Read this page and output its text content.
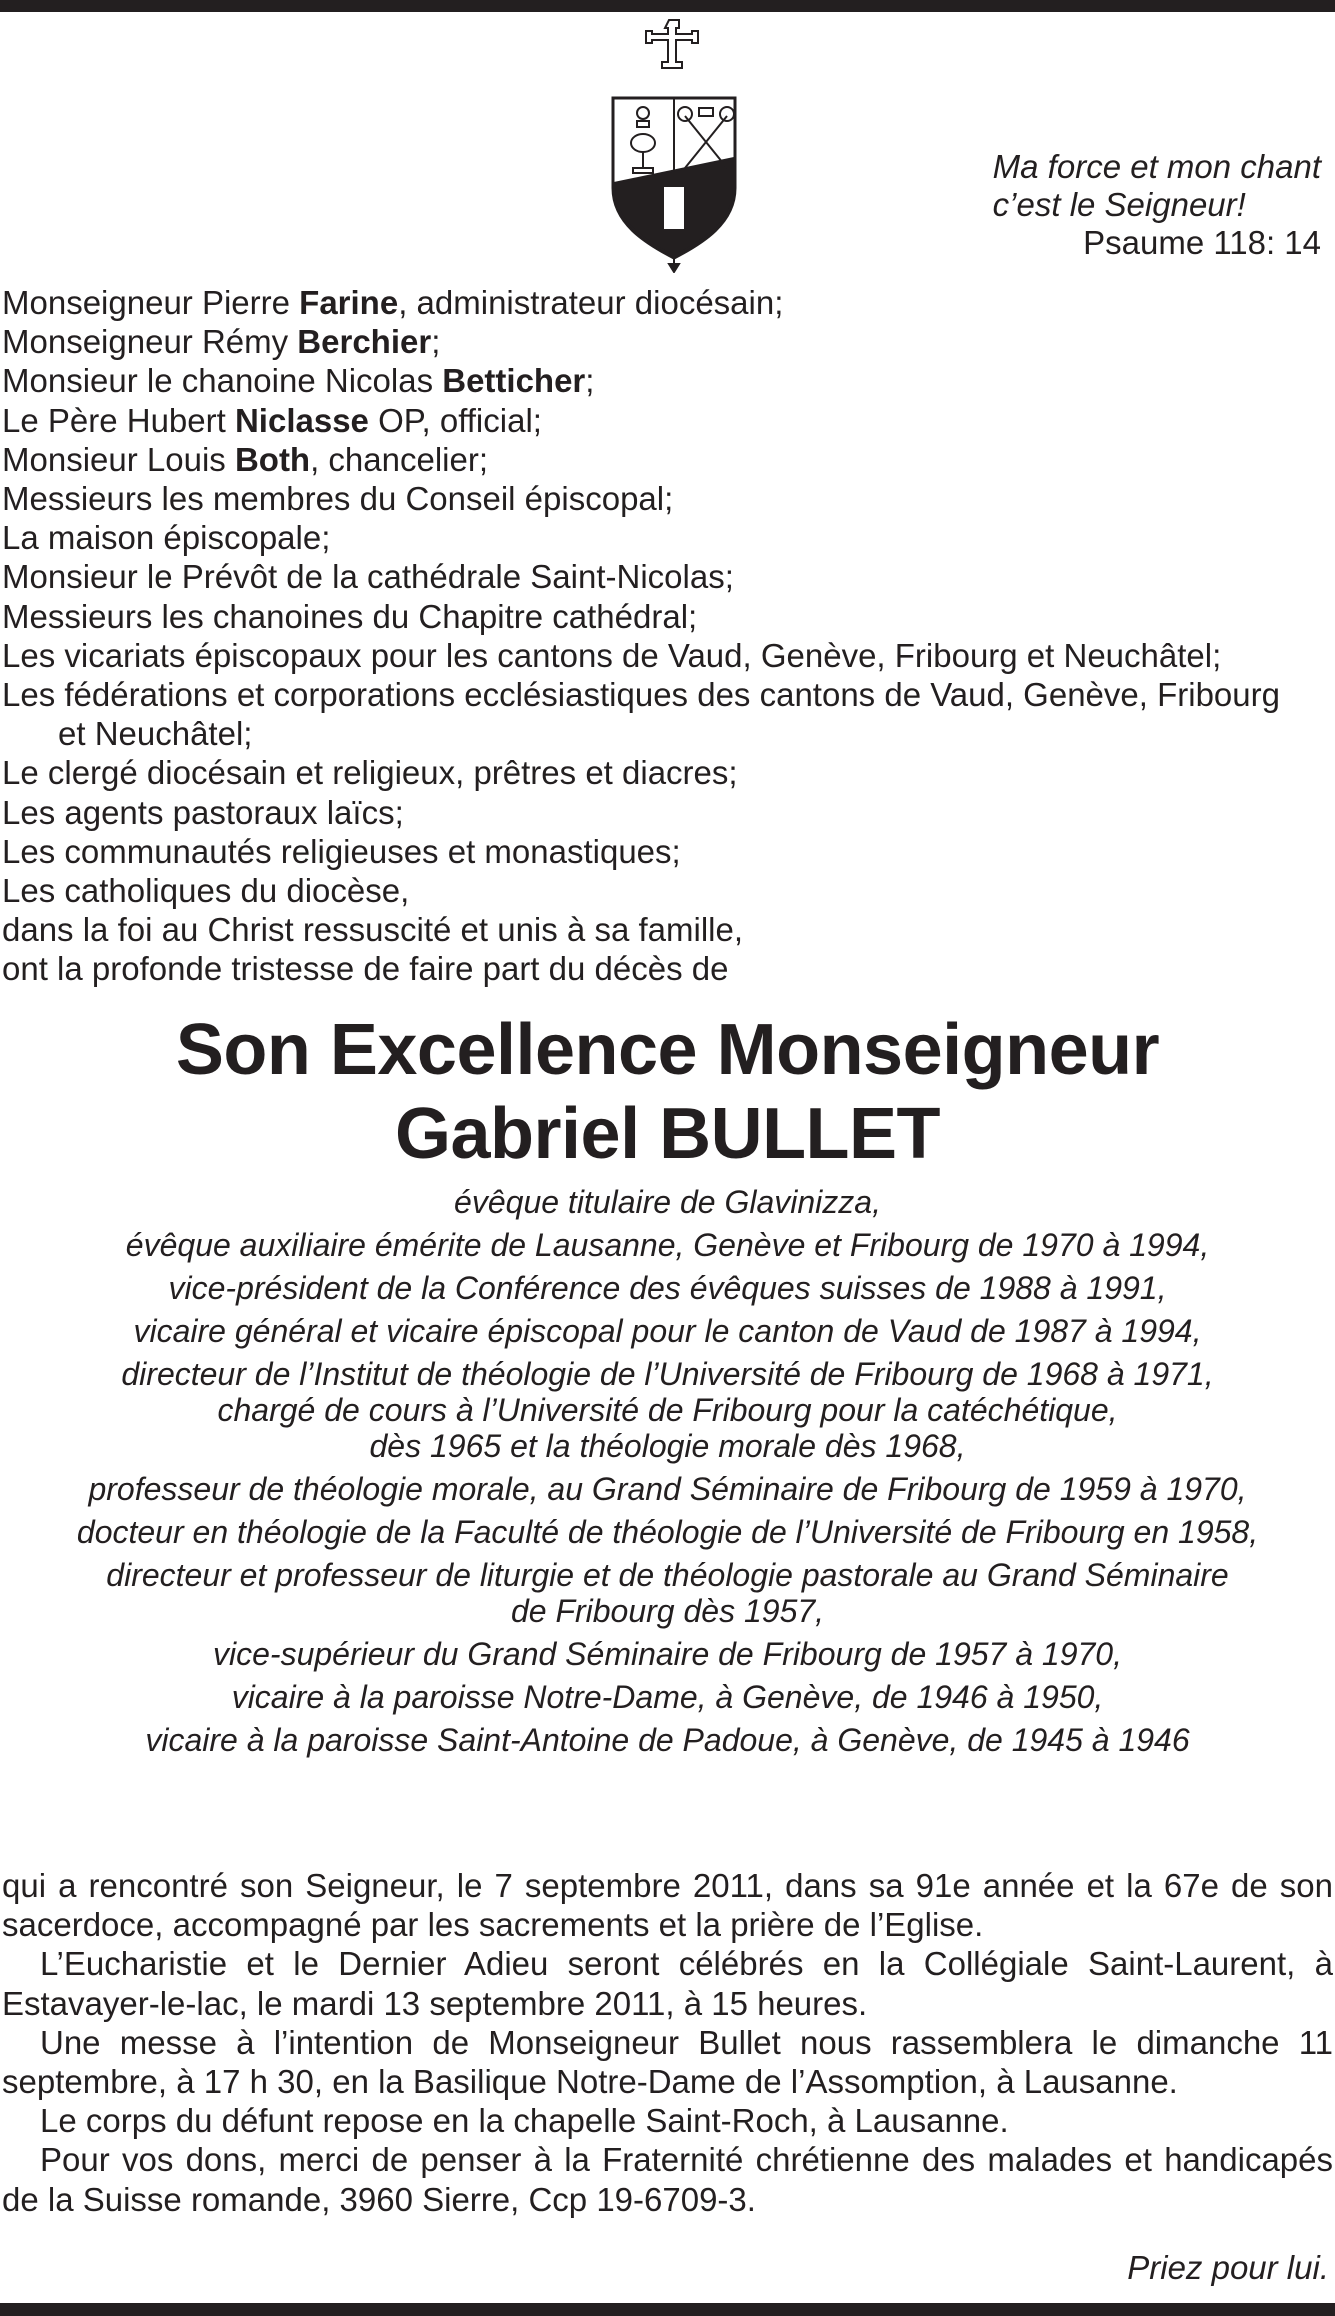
Ma force et mon chant
c’est le Seigneur!
Psaume 118: 14
Monseigneur Pierre Farine, administrateur diocésain;
Monseigneur Rémy Berchier;
Monsieur le chanoine Nicolas Betticher;
Le Père Hubert Niclasse OP, official;
Monsieur Louis Both, chancelier;
Messieurs les membres du Conseil épiscopal;
La maison épiscopale;
Monsieur le Prévôt de la cathédrale Saint-Nicolas;
Messieurs les chanoines du Chapitre cathédral;
Les vicariats épiscopaux pour les cantons de Vaud, Genève, Fribourg et Neuchâtel;
Les fédérations et corporations ecclésiastiques des cantons de Vaud, Genève, Fribourg
et Neuchâtel;
Le clergé diocésain et religieux, prêtres et diacres;
Les agents pastoraux laïcs;
Les communautés religieuses et monastiques;
Les catholiques du diocèse,
dans la foi au Christ ressuscité et unis à sa famille,
ont la profonde tristesse de faire part du décès de
Son Excellence Monseigneur
Gabriel BULLET
évêque titulaire de Glavinizza,
évêque auxiliaire émérite de Lausanne, Genève et Fribourg de 1970 à 1994,
vice-président de la Conférence des évêques suisses de 1988 à 1991,
vicaire général et vicaire épiscopal pour le canton de Vaud de 1987 à 1994,
directeur de l’Institut de théologie de l’Université de Fribourg de 1968 à 1971,
chargé de cours à l’Université de Fribourg pour la catéchétique,
dès 1965 et la théologie morale dès 1968,
professeur de théologie morale, au Grand Séminaire de Fribourg de 1959 à 1970,
docteur en théologie de la Faculté de théologie de l’Université de Fribourg en 1958,
directeur et professeur de liturgie et de théologie pastorale au Grand Séminaire
de Fribourg dès 1957,
vice-supérieur du Grand Séminaire de Fribourg de 1957 à 1970,
vicaire à la paroisse Notre-Dame, à Genève, de 1946 à 1950,
vicaire à la paroisse Saint-Antoine de Padoue, à Genève, de 1945 à 1946

qui a rencontré son Seigneur, le 7 septembre 2011, dans sa 91e année et la 67e de son sacerdoce, accompagné par les sacrements et la prière de l’Eglise.

L’Eucharistie et le Dernier Adieu seront célébrés en la Collégiale Saint-Laurent, à Estavayer-le-lac, le mardi 13 septembre 2011, à 15 heures.

Une messe à l’intention de Monseigneur Bullet nous rassemblera le dimanche 11 septembre, à 17 h 30, en la Basilique Notre-Dame de l’Assomption, à Lausanne.

Le corps du défunt repose en la chapelle Saint-Roch, à Lausanne.

Pour vos dons, merci de penser à la Fraternité chrétienne des malades et handicapés de la Suisse romande, 3960 Sierre, Ccp 19-6709-3.

Priez pour lui.
